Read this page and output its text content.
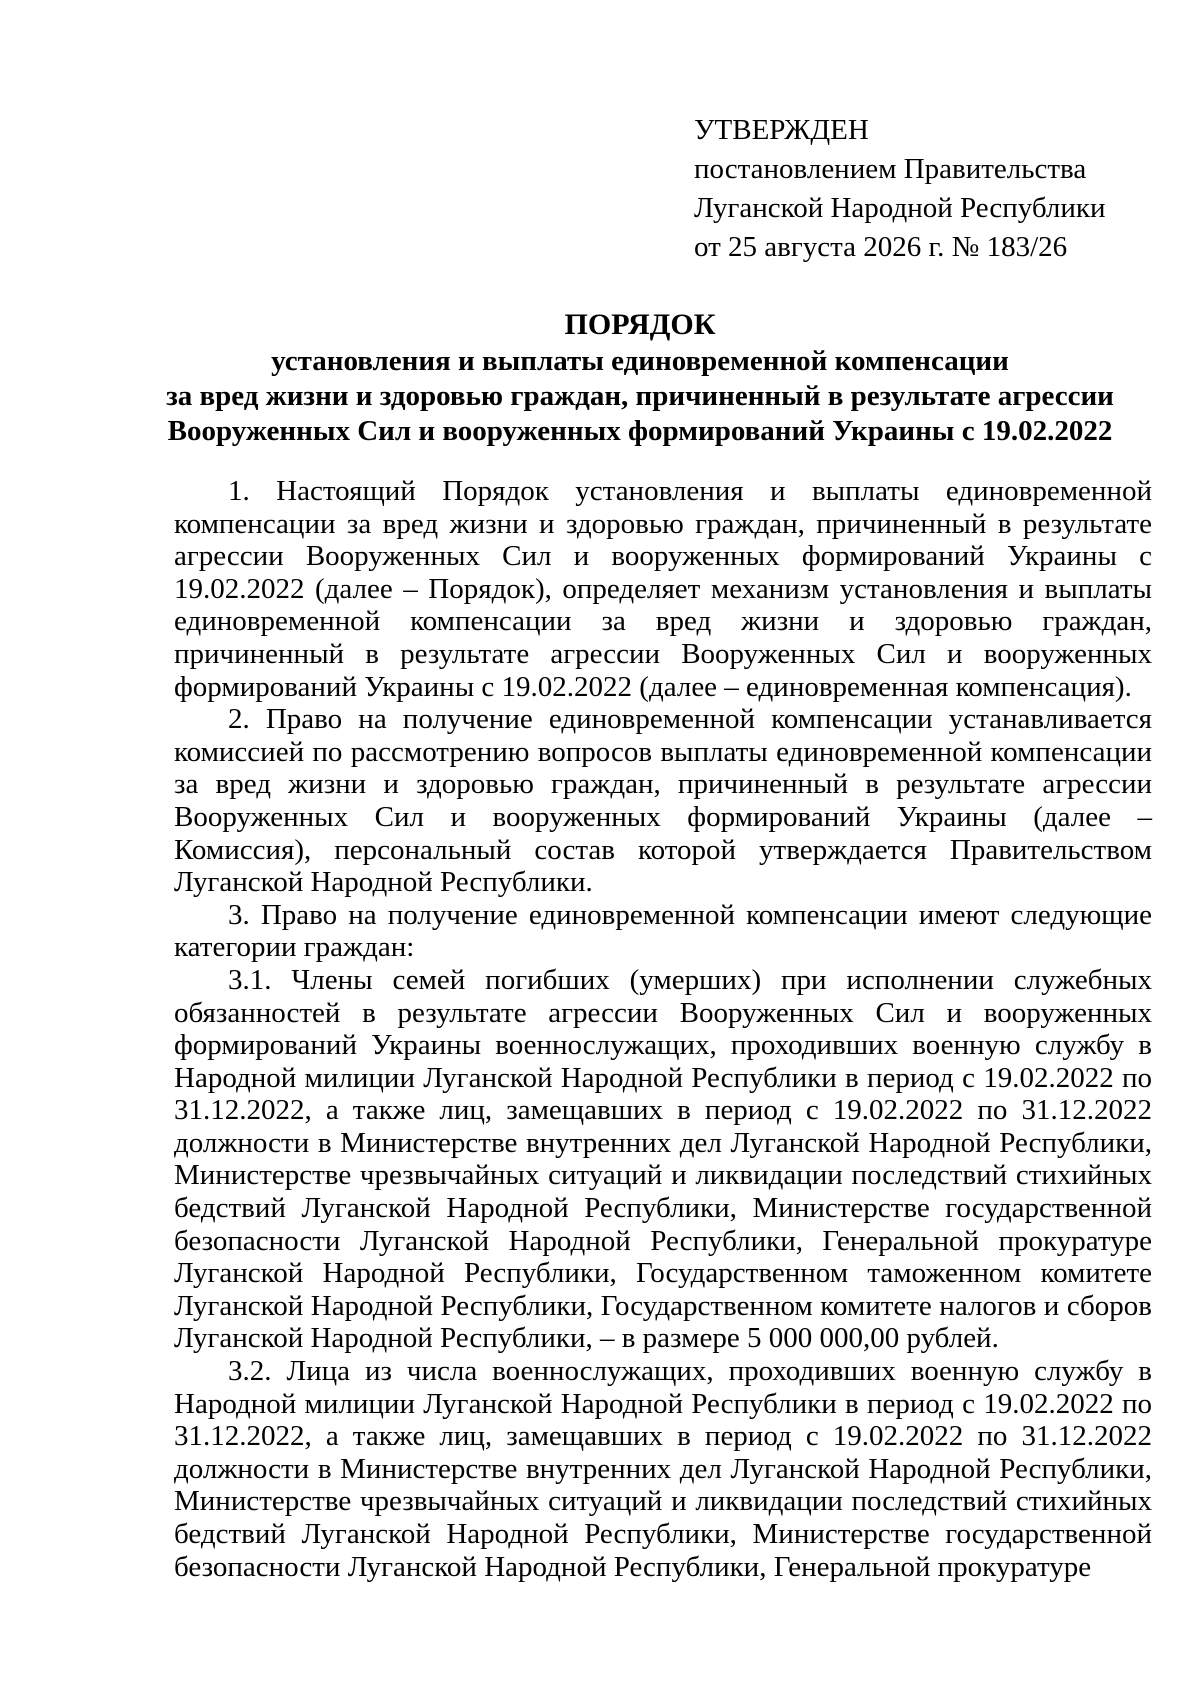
УТВЕРЖДЕН
постановлением Правительства
Луганской Народной Республики
от 25 августа 2026 г. № 183/26
ПОРЯДОК
установления и выплаты единовременной компенсации
за вред жизни и здоровью граждан, причиненный в результате агрессии
Вооруженных Сил и вооруженных формирований Украины с 19.02.2022

1. Настоящий Порядок установления и выплаты единовременной компенсации за вред жизни и здоровью граждан, причиненный в результате агрессии Вооруженных Сил и вооруженных формирований Украины с 19.02.2022 (далее – Порядок), определяет механизм установления и выплаты единовременной компенсации за вред жизни и здоровью граждан, причиненный в результате агрессии Вооруженных Сил и вооруженных формирований Украины с 19.02.2022 (далее – единовременная компенсация).

2. Право на получение единовременной компенсации устанавливается комиссией по рассмотрению вопросов выплаты единовременной компенсации за вред жизни и здоровью граждан, причиненный в результате агрессии Вооруженных Сил и вооруженных формирований Украины (далее – Комиссия), персональный состав которой утверждается Правительством Луганской Народной Республики.

3. Право на получение единовременной компенсации имеют следующие категории граждан:

3.1. Члены семей погибших (умерших) при исполнении служебных обязанностей в результате агрессии Вооруженных Сил и вооруженных формирований Украины военнослужащих, проходивших военную службу в Народной милиции Луганской Народной Республики в период с 19.02.2022 по 31.12.2022, а также лиц, замещавших в период с 19.02.2022 по 31.12.2022 должности в Министерстве внутренних дел Луганской Народной Республики, Министерстве чрезвычайных ситуаций и ликвидации последствий стихийных бедствий Луганской Народной Республики, Министерстве государственной безопасности Луганской Народной Республики, Генеральной прокуратуре Луганской Народной Республики, Государственном таможенном комитете Луганской Народной Республики, Государственном комитете налогов и сборов Луганской Народной Республики, – в размере 5 000 000,00 рублей.

3.2. Лица из числа военнослужащих, проходивших военную службу в Народной милиции Луганской Народной Республики в период с 19.02.2022 по 31.12.2022, а также лиц, замещавших в период с 19.02.2022 по 31.12.2022 должности в Министерстве внутренних дел Луганской Народной Республики, Министерстве чрезвычайных ситуаций и ликвидации последствий стихийных бедствий Луганской Народной Республики, Министерстве государственной безопасности Луганской Народной Республики, Генеральной прокуратуре
